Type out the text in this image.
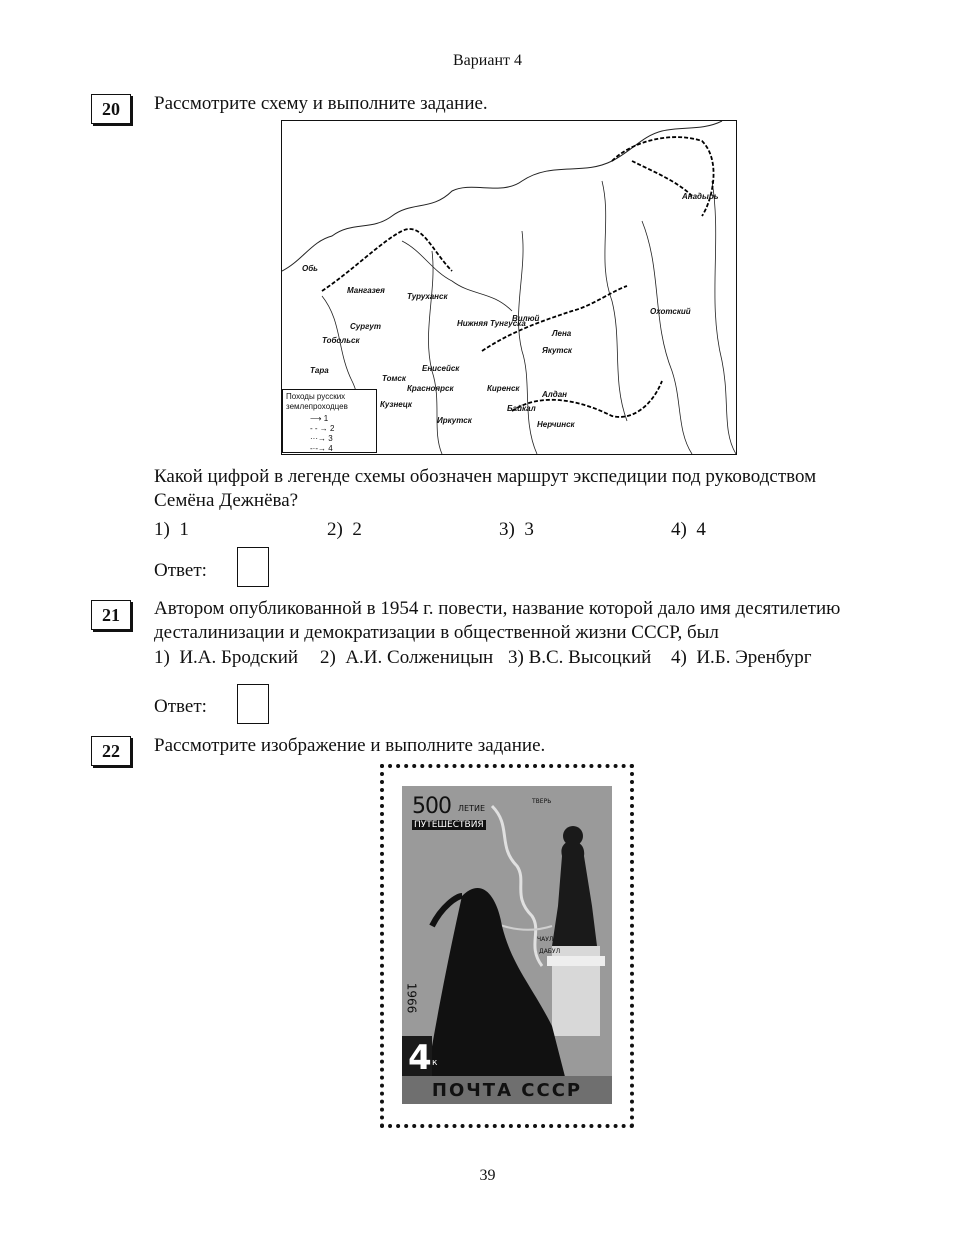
Вариант 4
20	Рассмотрите схему и выполните задание.
Обь
Мангазея
Туруханск
Сургут
Тобольск
Тара
Томск
Енисейск
Красноярск
Кузнецк
Иркутск
Киренск
Якутск
Лена
Охотский
Анадырь
Нижняя Тунгуска
Вилюй
Байкал
Нерчинск
Алдан
Походы русских землепроходцев
⟶ 1
- - → 2
···→ 3
-·-→ 4
Какой цифрой в легенде схемы обозначен маршрут экспедиции под руководством
Семёна Дежнёва?
1) 1	2) 2	3) 3	4) 4
Ответ:
21	Автором опубликованной в 1954 г. повести, название которой дало имя десятилетию
десталинизации и демократизации в общественной жизни СССР, был
1) И.А. Бродский 2) А.И. Солженицын 3) В.С. Высоцкий 4) И.Б. Эренбург
Ответ:
22	Рассмотрите изображение и выполните задание.
500 ЛЕТИЕ
ПУТЕШЕСТВИЯ
ТВЕРЬ
ЧАУЛ
ДАБУЛ
1966
4 к
ПОЧТА СССР
39
